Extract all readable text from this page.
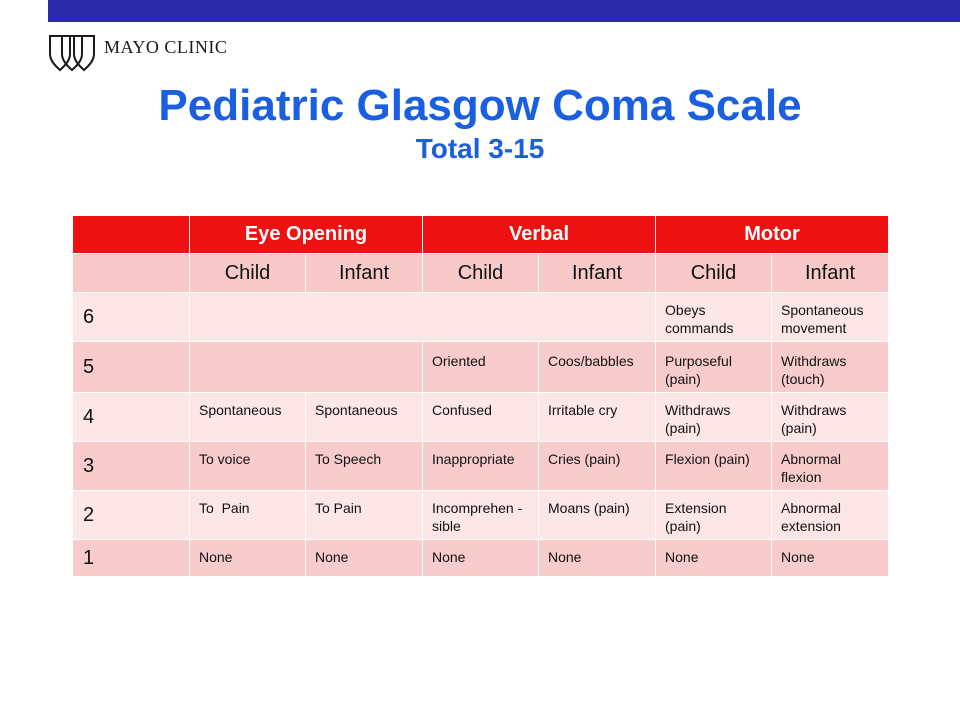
MAYO CLINIC
Pediatric Glasgow Coma Scale
Total 3-15
	Eye Opening		Verbal		Motor	
	Child	Infant	Child	Infant	Child	Infant
6					Obeys commands	Spontaneous movement
5			Oriented	Coos/babbles	Purposeful (pain)	Withdraws (touch)
4	Spontaneous	Spontaneous	Confused	Irritable cry	Withdraws (pain)	Withdraws (pain)
3	To voice	To Speech	Inappropriate	Cries (pain)	Flexion (pain)	Abnormal flexion
2	To  Pain	To Pain	Incomprehen -sible	Moans (pain)	Extension (pain)	Abnormal extension
1	None	None	None	None	None	None
